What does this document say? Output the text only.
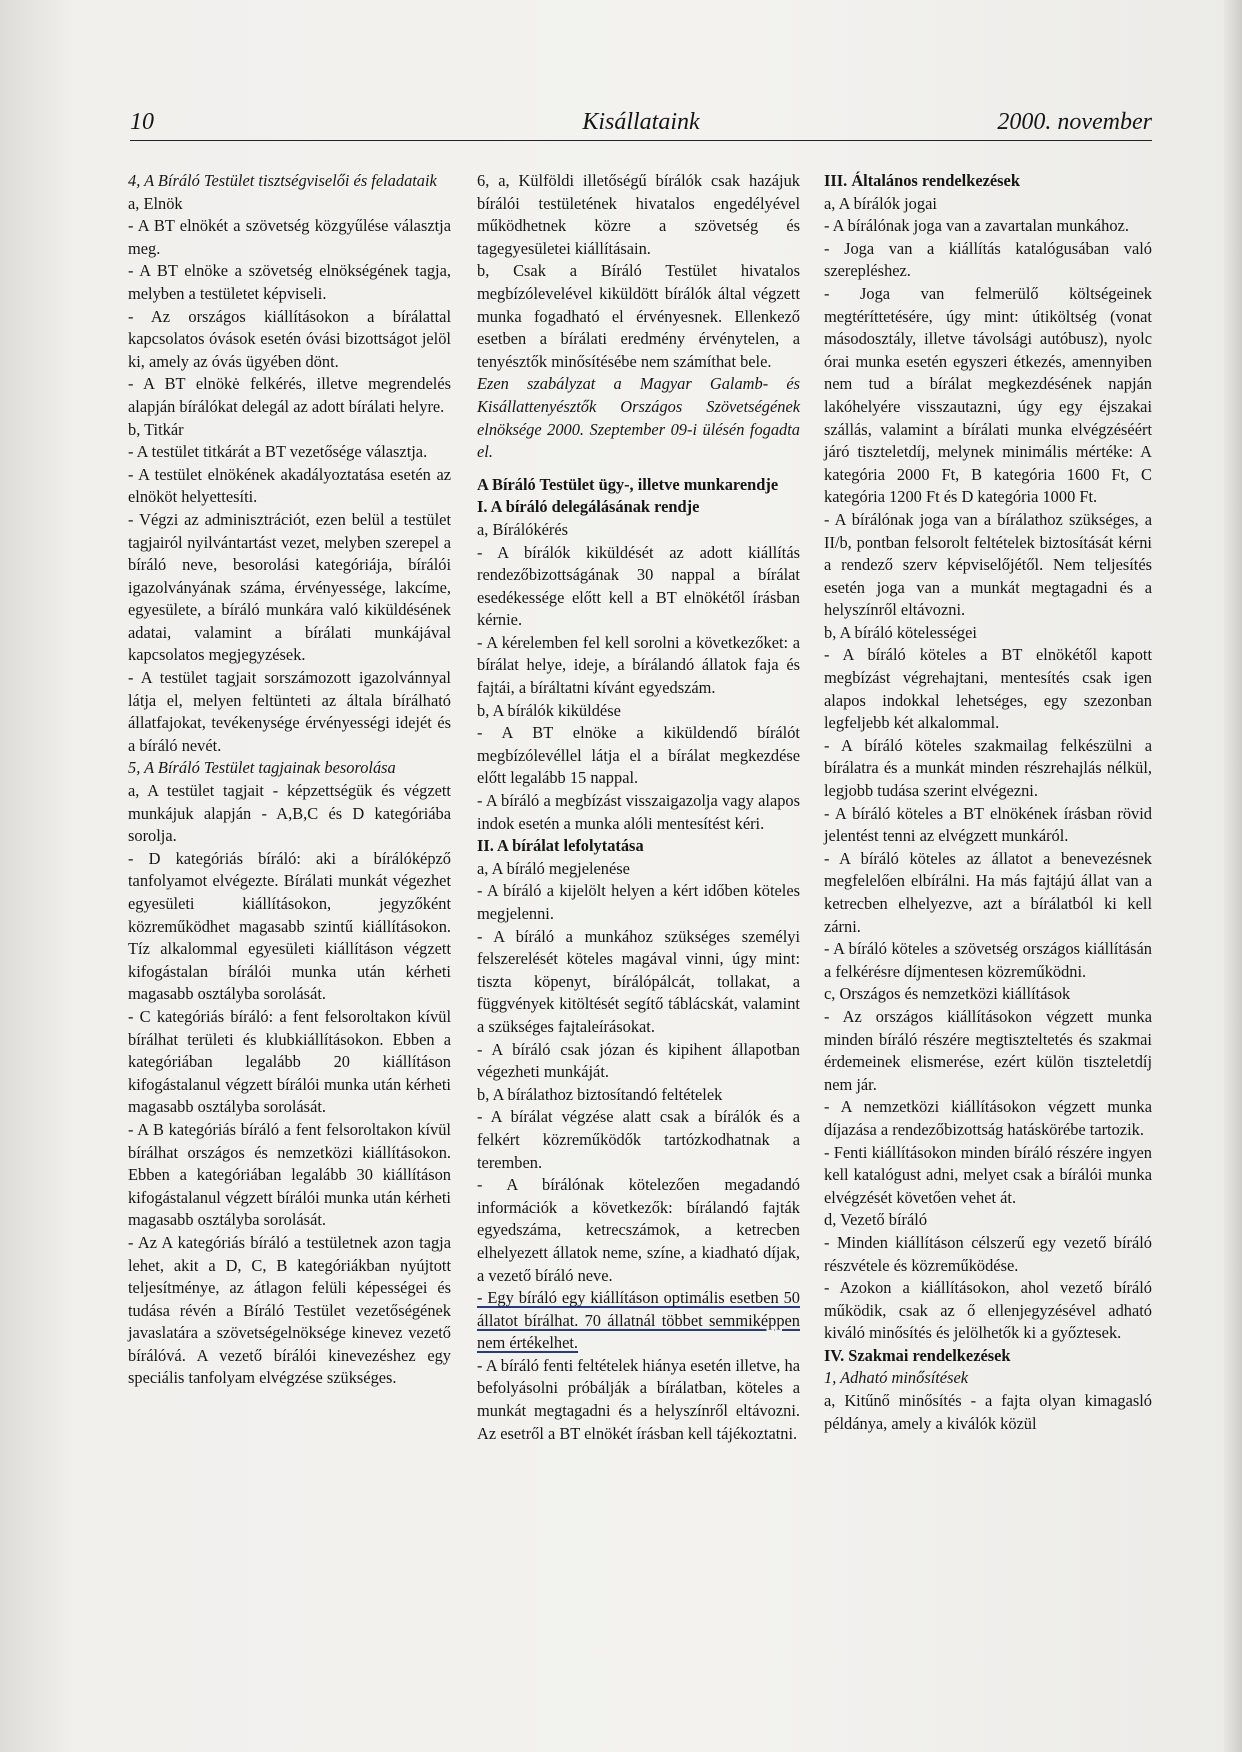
10	Kisállataink	2000. november

4, A Bíráló Testület tisztségviselői és feladataik

a, Elnök

- A BT elnökét a szövetség közgyűlése választja meg.

- A BT elnöke a szövetség elnökségének tagja, melyben a testületet képviseli.

- Az országos kiállításokon a bírálattal kapcsolatos óvások esetén óvási bizottságot jelöl ki, amely az óvás ügyében dönt.

- A BT elnökė felkérés, illetve megrendelés alapján bírálókat delegál az adott bírálati helyre.

b, Titkár

- A testület titkárát a BT vezetősége választja.

- A testület elnökének akadályoztatása esetén az elnököt helyettesíti.

- Végzi az adminisztrációt, ezen belül a testület tagjairól nyilvántartást vezet, melyben szerepel a bíráló neve, besorolási kategóriája, bírálói igazolványának száma, érvényessége, lakcíme, egyesülete, a bíráló munkára való kiküldésének adatai, valamint a bírálati munkájával kapcsolatos megjegyzések.

- A testület tagjait sorszámozott igazolvánnyal látja el, melyen feltünteti az általa bírálható állatfajokat, tevékenysége érvényességi idejét és a bíráló nevét.

5, A Bíráló Testület tagjainak besorolása

a, A testület tagjait - képzettségük és végzett munkájuk alapján - A,B,C és D kategóriába sorolja.

- D kategóriás bíráló: aki a bírálóképző tanfolyamot elvégezte. Bírálati munkát végezhet egyesületi kiállításokon, jegyzőként közreműködhet magasabb szintű kiállításokon. Tíz alkalommal egyesületi kiállításon végzett kifogástalan bírálói munka után kérheti magasabb osztályba sorolását.

- C kategóriás bíráló: a fent felsoroltakon kívül bírálhat területi és klubkiállításokon. Ebben a kategóriában legalább 20 kiállításon kifogástalanul végzett bírálói munka után kérheti magasabb osztályba sorolását.

- A B kategóriás bíráló a fent felsoroltakon kívül bírálhat országos és nemzetközi kiállításokon. Ebben a kategóriában legalább 30 kiállításon kifogástalanul végzett bírálói munka után kérheti magasabb osztályba sorolását.

- Az A kategóriás bíráló a testületnek azon tagja lehet, akit a D, C, B kategóriákban nyújtott teljesítménye, az átlagon felüli képességei és tudása révén a Bíráló Testület vezetőségének javaslatára a szövetségelnöksége kinevez vezető bírálóvá. A vezető bírálói kinevezéshez egy speciális tanfolyam elvégzése szükséges.

6, a, Külföldi illetőségű bírálók csak hazájuk bírálói testületének hivatalos engedélyével működhetnek közre a szövetség és tagegyesületei kiállításain.

b, Csak a Bíráló Testület hivatalos megbízólevelével kiküldött bírálók által végzett munka fogadható el érvényesnek. Ellenkező esetben a bírálati eredmény érvénytelen, a tenyésztők minősítésébe nem számíthat bele.

Ezen szabályzat a Magyar Galamb- és Kisállattenyésztők Országos Szövetségének elnöksége 2000. Szeptember 09-i ülésén fogadta el.

A Bíráló Testület ügy-, illetve munkarendje

I. A bíráló delegálásának rendje

a, Bírálókérés

- A bírálók kiküldését az adott kiállítás rendezőbizottságának 30 nappal a bírálat esedékessége előtt kell a BT elnökétől írásban kérnie.

- A kérelemben fel kell sorolni a következőket: a bírálat helye, ideje, a bírálandó állatok faja és fajtái, a bíráltatni kívánt egyedszám.

b, A bírálók kiküldése

- A BT elnöke a kiküldendő bírálót megbízólevéllel látja el a bírálat megkezdése előtt legalább 15 nappal.

- A bíráló a megbízást visszaigazolja vagy alapos indok esetén a munka alóli mentesítést kéri.

II. A bírálat lefolytatása

a, A bíráló megjelenése

- A bíráló a kijelölt helyen a kért időben köteles megjelenni.

- A bíráló a munkához szükséges személyi felszerelését köteles magával vinni, úgy mint: tiszta köpenyt, bírálópálcát, tollakat, a függvények kitöltését segítő táblácskát, valamint a szükséges fajtaleírásokat.

- A bíráló csak józan és kipihent állapotban végezheti munkáját.

b, A bírálathoz biztosítandó feltételek

- A bírálat végzése alatt csak a bírálók és a felkért közreműködők tartózkodhatnak a teremben.

- A bírálónak kötelezően megadandó információk a következők: bírálandó fajták egyedszáma, ketrecszámok, a ketrecben elhelyezett állatok neme, színe, a kiadható díjak, a vezető bíráló neve.

- Egy bíráló egy kiállításon optimális esetben 50 állatot bírálhat. 70 állatnál többet semmiképpen nem értékelhet.

- A bíráló fenti feltételek hiánya esetén illetve, ha befolyásolni próbálják a bírálatban, köteles a munkát megtagadni és a helyszínről eltávozni. Az esetről a BT elnökét írásban kell tájékoztatni.

III. Általános rendelkezések

a, A bírálók jogai

- A bírálónak joga van a zavartalan munkához.

- Joga van a kiállítás katalógusában való szerepléshez.

- Joga van felmerülő költségeinek megtéríttetésére, úgy mint: útiköltség (vonat másodosztály, illetve távolsági autóbusz), nyolc órai munka esetén egyszeri étkezés, amennyiben nem tud a bírálat megkezdésének napján lakóhelyére visszautazni, úgy egy éjszakai szállás, valamint a bírálati munka elvégzéséért járó tiszteletdíj, melynek minimális mértéke: A kategória 2000 Ft, B kategória 1600 Ft, C kategória 1200 Ft és D kategória 1000 Ft.

- A bírálónak joga van a bírálathoz szükséges, a II/b, pontban felsorolt feltételek biztosítását kérni a rendező szerv képviselőjétől. Nem teljesítés esetén joga van a munkát megtagadni és a helyszínről eltávozni.

b, A bíráló kötelességei

- A bíráló köteles a BT elnökétől kapott megbízást végrehajtani, mentesítés csak igen alapos indokkal lehetséges, egy szezonban legfeljebb két alkalommal.

- A bíráló köteles szakmailag felkészülni a bírálatra és a munkát minden részrehajlás nélkül, legjobb tudása szerint elvégezni.

- A bíráló köteles a BT elnökének írásban rövid jelentést tenni az elvégzett munkáról.

- A bíráló köteles az állatot a benevezésnek megfelelően elbírálni. Ha más fajtájú állat van a ketrecben elhelyezve, azt a bírálatból ki kell zárni.

- A bíráló köteles a szövetség országos kiállításán a felkérésre díjmentesen közreműködni.

c, Országos és nemzetközi kiállítások

- Az országos kiállításokon végzett munka minden bíráló részére megtiszteltetés és szakmai érdemeinek elismerése, ezért külön tiszteletdíj nem jár.

- A nemzetközi kiállításokon végzett munka díjazása a rendezőbizottság hatáskörébe tartozik.

- Fenti kiállításokon minden bíráló részére ingyen kell katalógust adni, melyet csak a bírálói munka elvégzését követően vehet át.

d, Vezető bíráló

- Minden kiállításon célszerű egy vezető bíráló részvétele és közreműködése.

- Azokon a kiállításokon, ahol vezető bíráló működik, csak az ő ellenjegyzésével adható kiváló minősítés és jelölhetők ki a győztesek.

IV. Szakmai rendelkezések

1, Adható minősítések

a, Kitűnő minősítés - a fajta olyan kimagasló példánya, amely a kiválók közül
